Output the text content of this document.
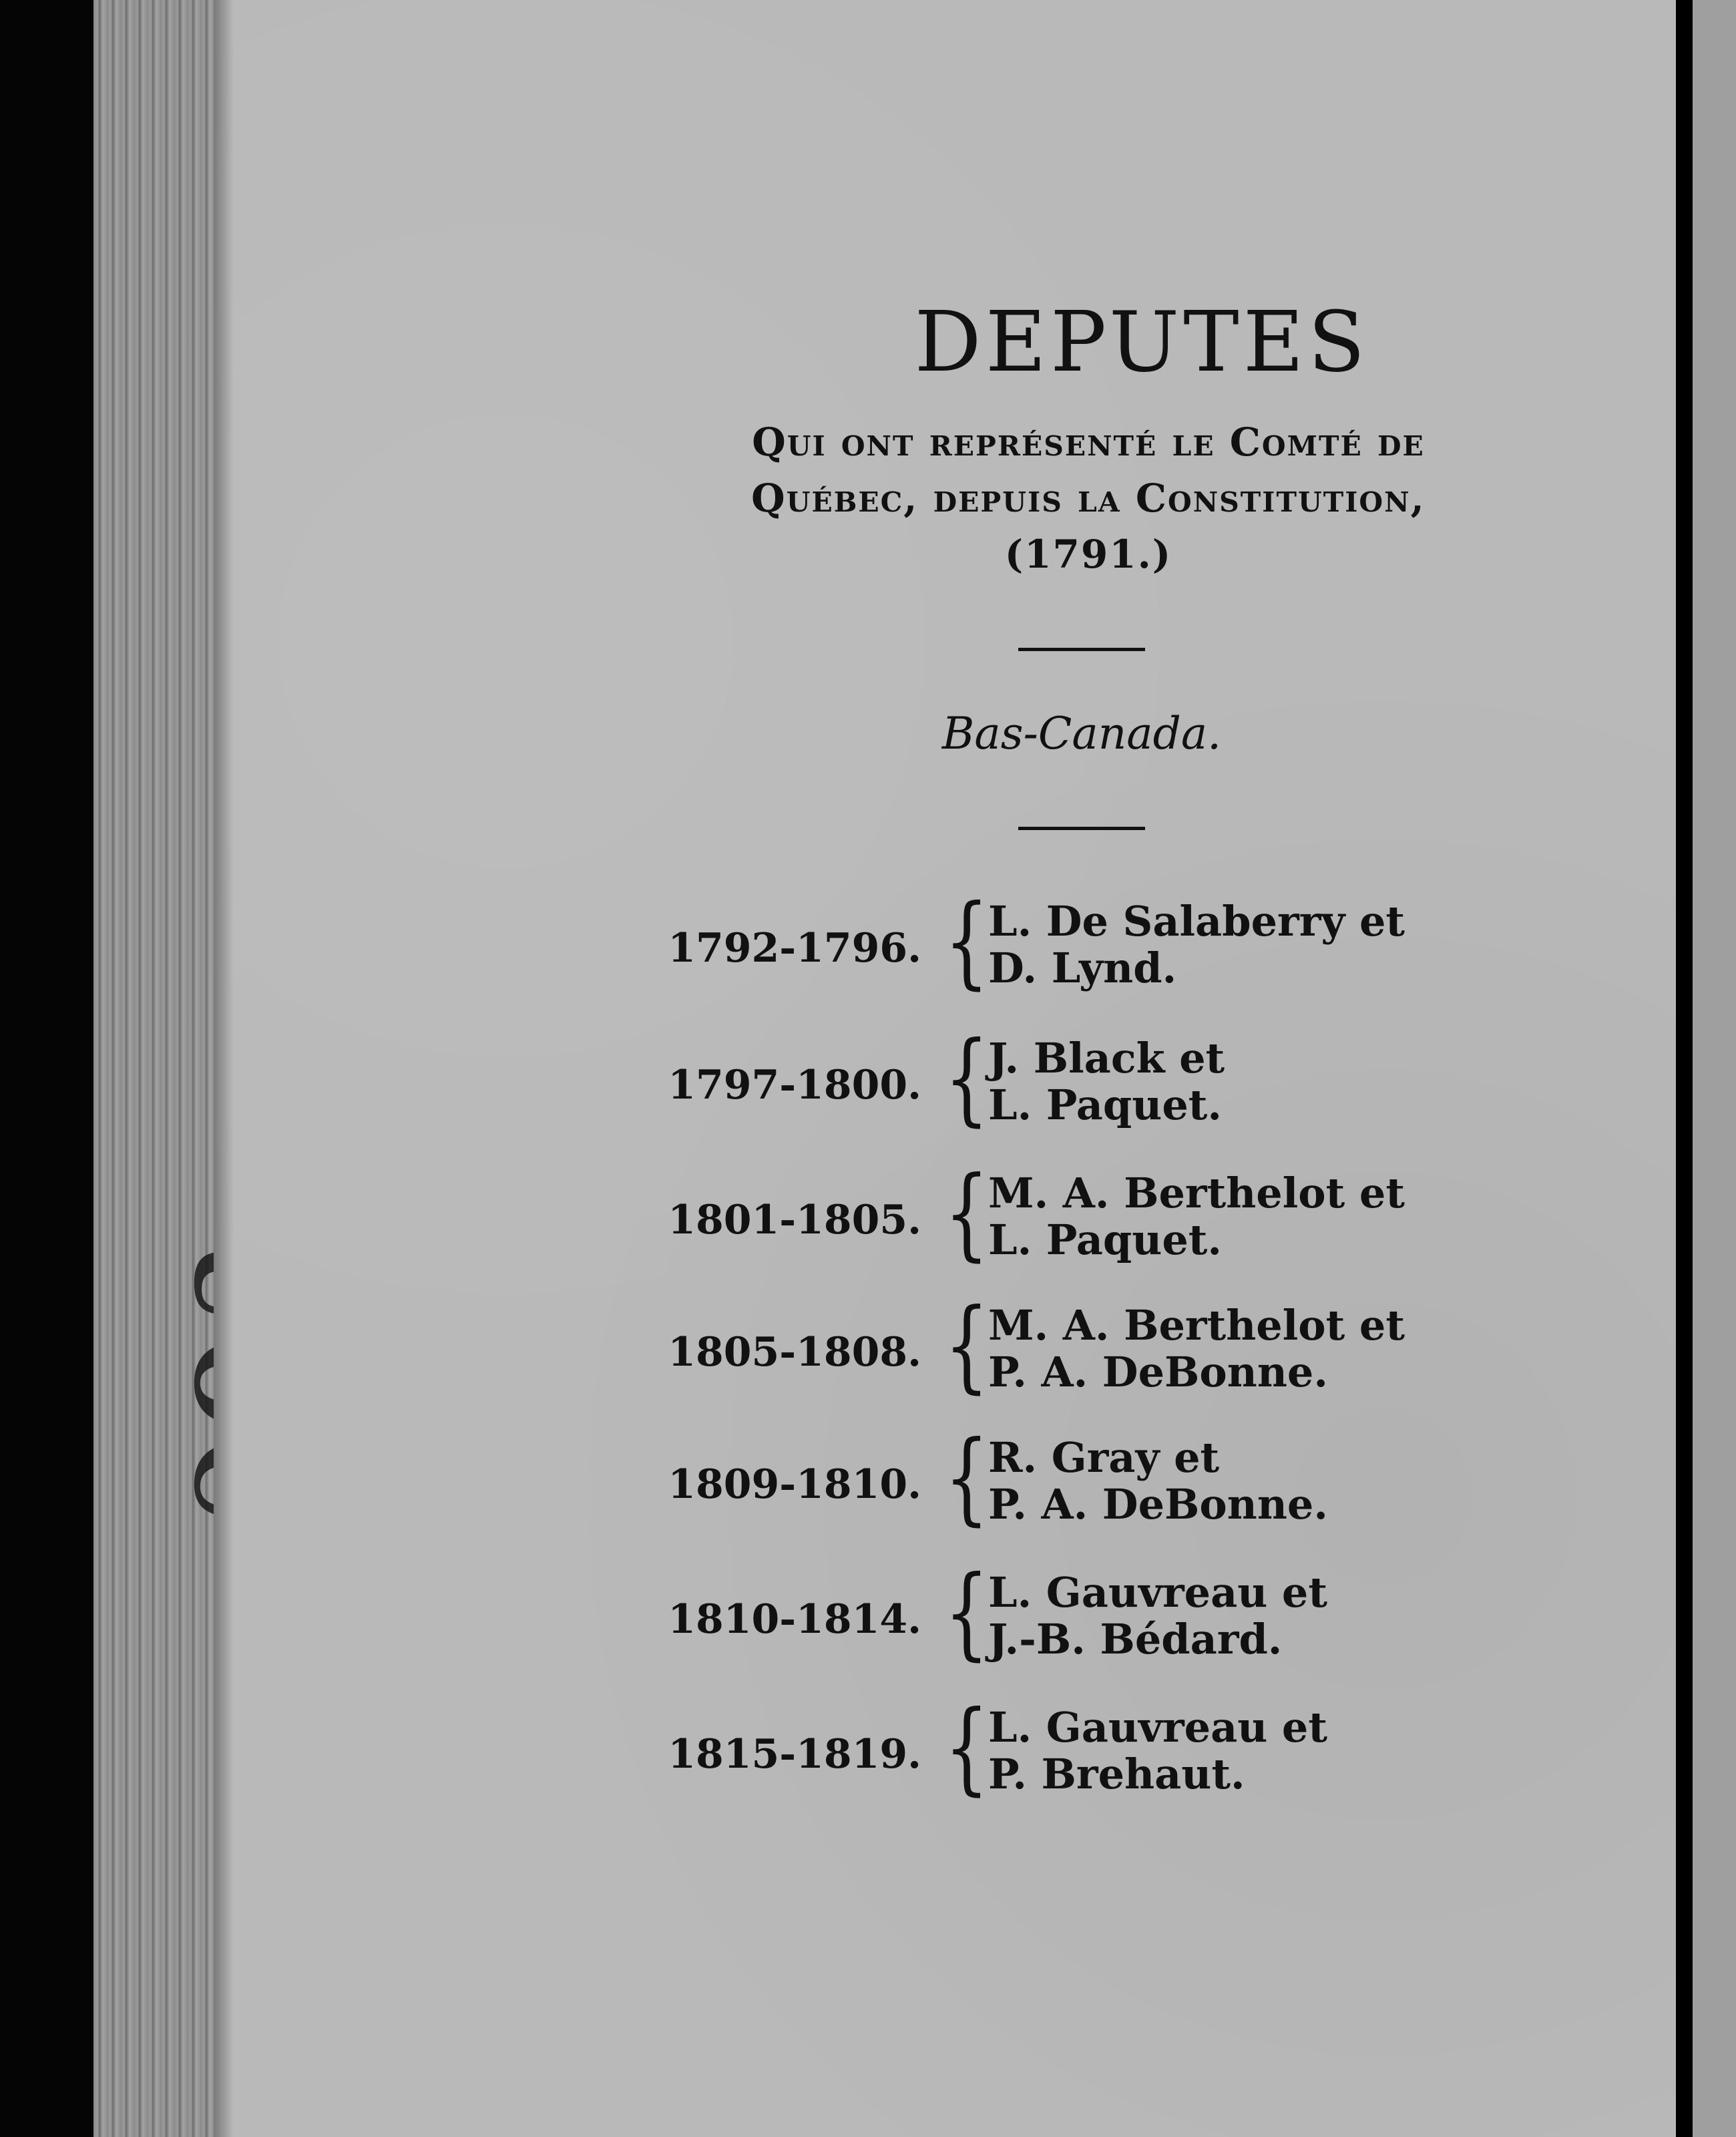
DEPUTES
Qui ont représenté le Comté de
Québec, depuis la Constitution,
(1791.)
Bas-Canada.
1792-1796. {
L. De Salaberry et
D. Lynd.
1797-1800. {
J. Black et
L. Paquet.
1801-1805. {
M. A. Berthelot et
L. Paquet.
1805-1808. {
M. A. Berthelot et
P. A. DeBonne.
1809-1810. {
R. Gray et
P. A. DeBonne.
1810-1814. {
L. Gauvreau et
J.-B. Bédard.
1815-1819. {
L. Gauvreau et
P. Brehaut.
